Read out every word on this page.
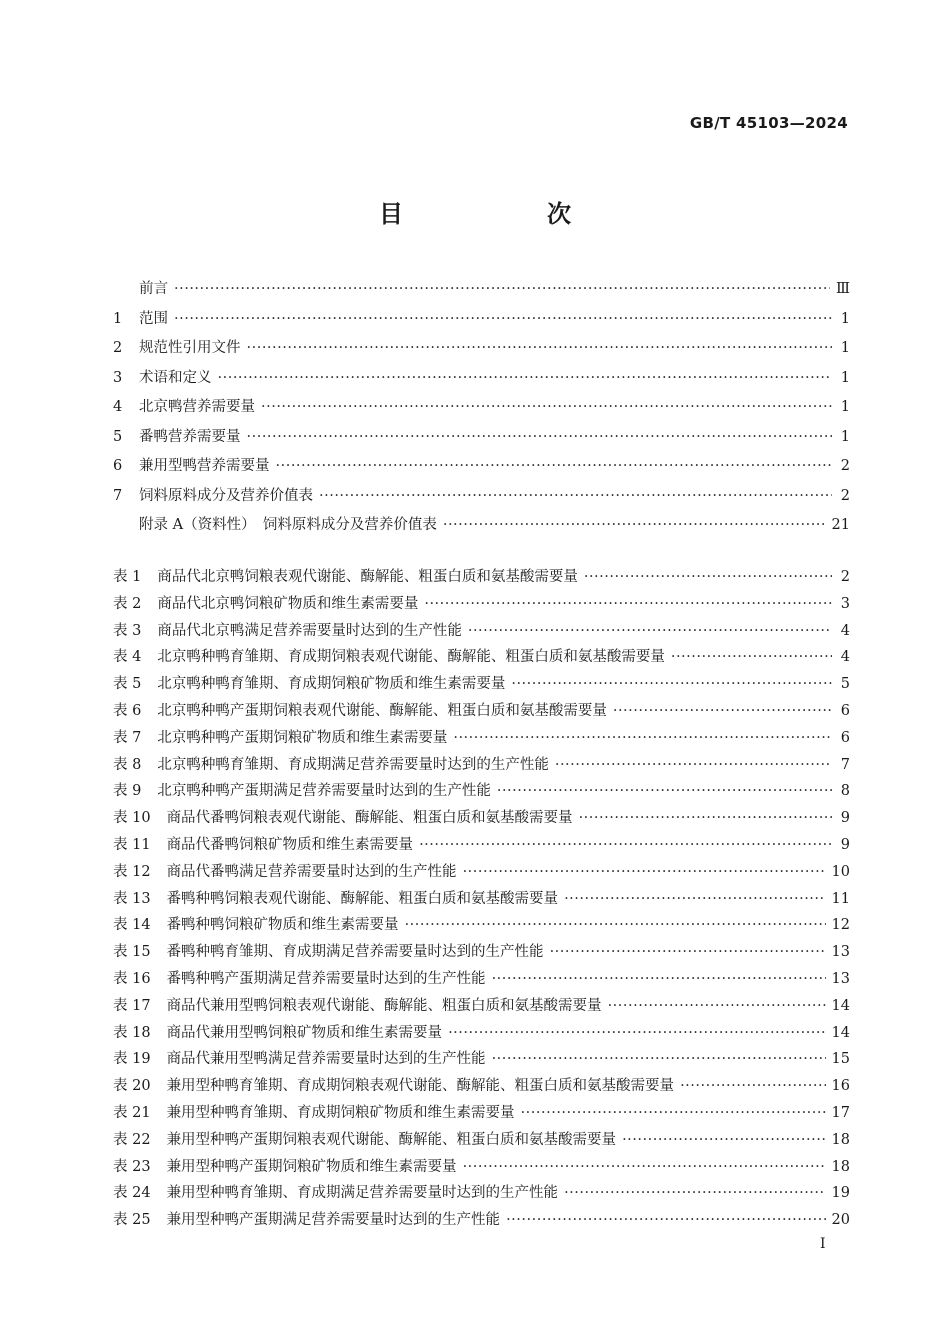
GB/T 45103—2024
目　次
前言 ·····	Ⅲ
1	范围 ·····	1
2	规范性引用文件 ·····	1
3	术语和定义 ·····	1
4	北京鸭营养需要量 ·····	1
5	番鸭营养需要量 ·····	1
6	兼用型鸭营养需要量 ·····	2
7	饲料原料成分及营养价值表 ·····	2
附录 A（资料性）　饲料原料成分及营养价值表 ·····	21
表 1 商品代北京鸭饲粮表观代谢能、酶解能、粗蛋白质和氨基酸需要量 ·····	2
表 2 商品代北京鸭饲粮矿物质和维生素需要量 ·····	3
表 3 商品代北京鸭满足营养需要量时达到的生产性能 ·····	4
表 4 北京鸭种鸭育雏期、育成期饲粮表观代谢能、酶解能、粗蛋白质和氨基酸需要量 ·····	4
表 5 北京鸭种鸭育雏期、育成期饲粮矿物质和维生素需要量 ·····	5
表 6 北京鸭种鸭产蛋期饲粮表观代谢能、酶解能、粗蛋白质和氨基酸需要量 ·····	6
表 7 北京鸭种鸭产蛋期饲粮矿物质和维生素需要量 ·····	6
表 8 北京鸭种鸭育雏期、育成期满足营养需要量时达到的生产性能 ·····	7
表 9 北京鸭种鸭产蛋期满足营养需要量时达到的生产性能 ·····	8
表 10 商品代番鸭饲粮表观代谢能、酶解能、粗蛋白质和氨基酸需要量 ·····	9
表 11 商品代番鸭饲粮矿物质和维生素需要量 ·····	9
表 12 商品代番鸭满足营养需要量时达到的生产性能 ·····	10
表 13 番鸭种鸭饲粮表观代谢能、酶解能、粗蛋白质和氨基酸需要量 ·····	11
表 14 番鸭种鸭饲粮矿物质和维生素需要量 ·····	12
表 15 番鸭种鸭育雏期、育成期满足营养需要量时达到的生产性能 ·····	13
表 16 番鸭种鸭产蛋期满足营养需要量时达到的生产性能 ·····	13
表 17 商品代兼用型鸭饲粮表观代谢能、酶解能、粗蛋白质和氨基酸需要量 ·····	14
表 18 商品代兼用型鸭饲粮矿物质和维生素需要量 ·····	14
表 19 商品代兼用型鸭满足营养需要量时达到的生产性能 ·····	15
表 20 兼用型种鸭育雏期、育成期饲粮表观代谢能、酶解能、粗蛋白质和氨基酸需要量 ·····	16
表 21 兼用型种鸭育雏期、育成期饲粮矿物质和维生素需要量 ·····	17
表 22 兼用型种鸭产蛋期饲粮表观代谢能、酶解能、粗蛋白质和氨基酸需要量 ·····	18
表 23 兼用型种鸭产蛋期饲粮矿物质和维生素需要量 ·····	18
表 24 兼用型种鸭育雏期、育成期满足营养需要量时达到的生产性能 ·····	19
表 25 兼用型种鸭产蛋期满足营养需要量时达到的生产性能 ·····	20
I
